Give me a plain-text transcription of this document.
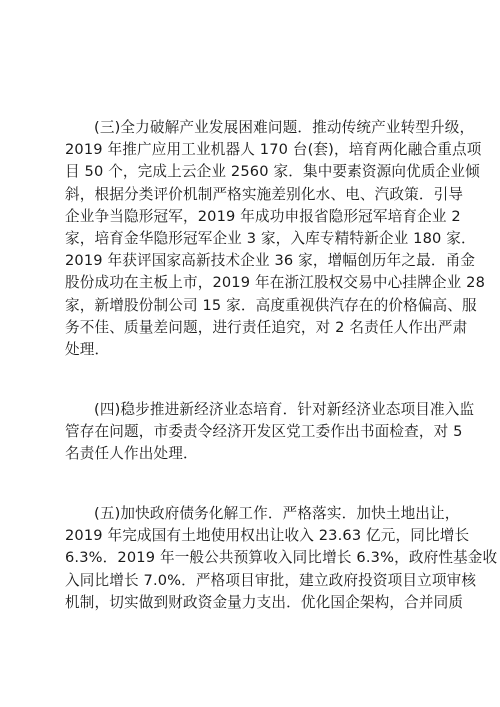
(三)全力破解产业发展困难问题．推动传统产业转型升级，
2019 年推广应用工业机器人 170 台(套)，培育两化融合重点项
目 50 个，完成上云企业 2560 家．集中要素资源向优质企业倾
斜，根据分类评价机制严格实施差别化水、电、汽政策．引导
企业争当隐形冠军，2019 年成功申报省隐形冠军培育企业 2
家，培育金华隐形冠军企业 3 家，入库专精特新企业 180 家．
2019 年获评国家高新技术企业 36 家，增幅创历年之最．甬金
股份成功在主板上市，2019 年在浙江股权交易中心挂牌企业 28
家，新增股份制公司 15 家．高度重视供汽存在的价格偏高、服
务不佳、质量差问题，进行责任追究，对 2 名责任人作出严肃
处理．
(四)稳步推进新经济业态培育．针对新经济业态项目准入监
管存在问题，市委责令经济开发区党工委作出书面检查，对 5
名责任人作出处理．
(五)加快政府债务化解工作．严格落实．加快土地出让，
2019 年完成国有土地使用权出让收入 23.63 亿元，同比增长
6.3%．2019 年一般公共预算收入同比增长 6.3%，政府性基金收
入同比增长 7.0%．严格项目审批，建立政府投资项目立项审核
机制，切实做到财政资金量力支出．优化国企架构，合并同质
